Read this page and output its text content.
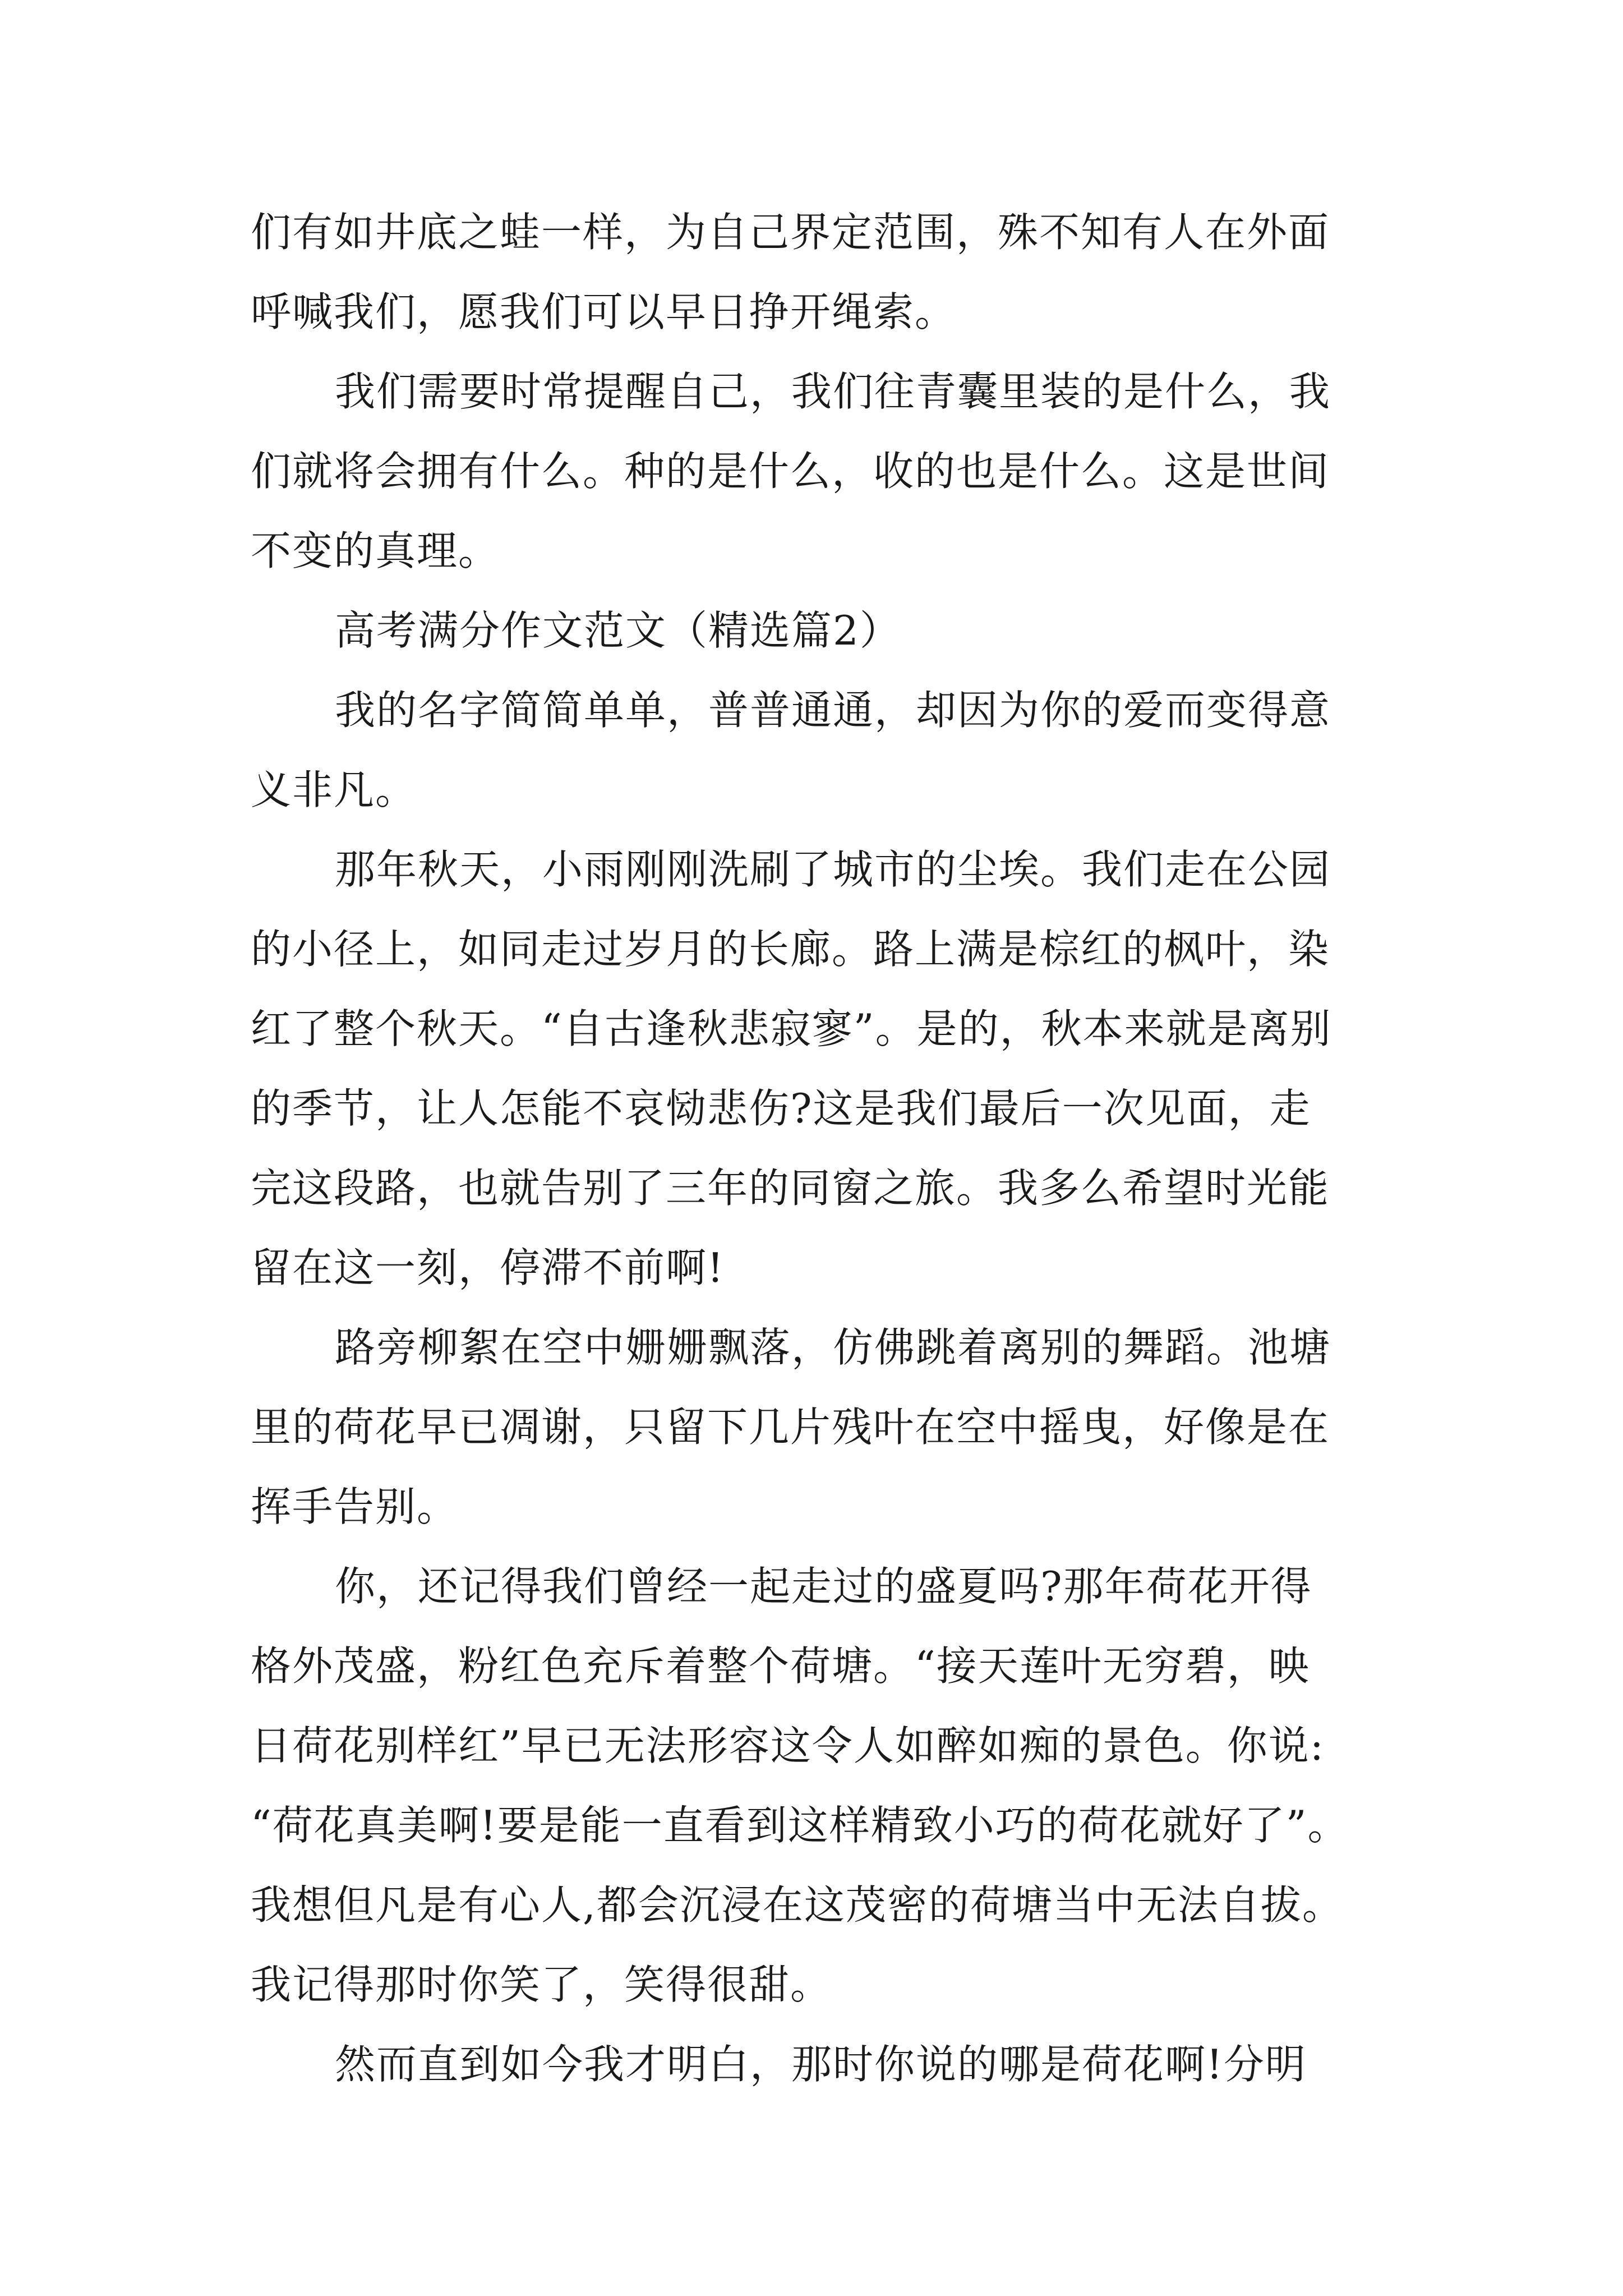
们有如井底之蛙一样，为自己界定范围，殊不知有人在外面
呼喊我们，愿我们可以早日挣开绳索。
我们需要时常提醒自己，我们往青囊里装的是什么，我
们就将会拥有什么。种的是什么，收的也是什么。这是世间
不变的真理。
高考满分作文范文（精选篇2）
我的名字简简单单，普普通通，却因为你的爱而变得意
义非凡。
那年秋天，小雨刚刚洗刷了城市的尘埃。我们走在公园
的小径上，如同走过岁月的长廊。路上满是棕红的枫叶，染
红了整个秋天。“自古逢秋悲寂寥”。是的，秋本来就是离别
的季节，让人怎能不哀恸悲伤?这是我们最后一次见面，走
完这段路，也就告别了三年的同窗之旅。我多么希望时光能
留在这一刻，停滞不前啊!
路旁柳絮在空中姗姗飘落，仿佛跳着离别的舞蹈。池塘
里的荷花早已凋谢，只留下几片残叶在空中摇曳，好像是在
挥手告别。
你，还记得我们曾经一起走过的盛夏吗?那年荷花开得
格外茂盛，粉红色充斥着整个荷塘。“接天莲叶无穷碧，映
日荷花别样红”早已无法形容这令人如醉如痴的景色。你说:
“荷花真美啊!要是能一直看到这样精致小巧的荷花就好了”。
我想但凡是有心人,都会沉浸在这茂密的荷塘当中无法自拔。
我记得那时你笑了，笑得很甜。
然而直到如今我才明白，那时你说的哪是荷花啊!分明
